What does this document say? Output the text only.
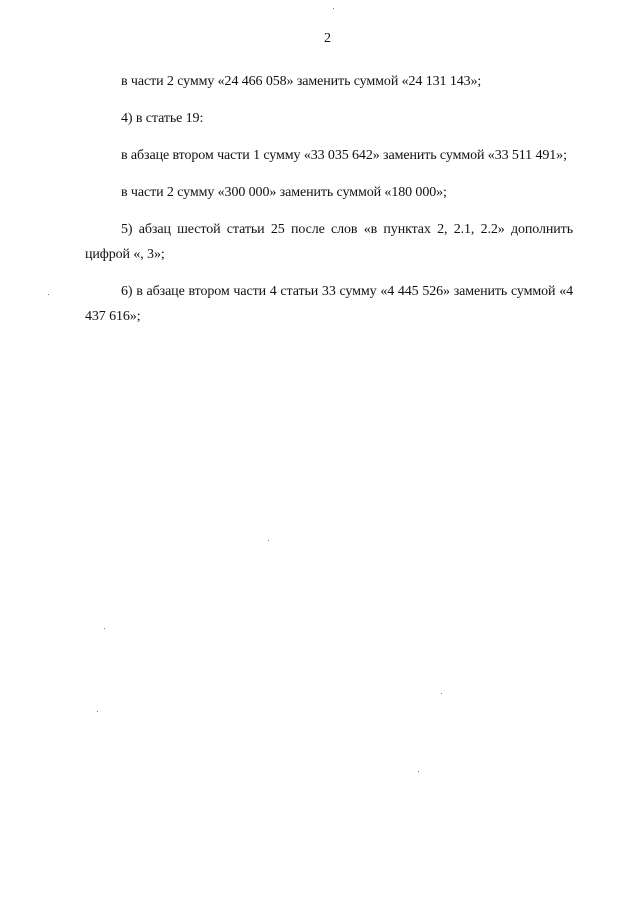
2

в части 2 сумму «24 466 058» заменить суммой «24 131 143»;

4) в статье 19:

в абзаце втором части 1 сумму «33 035 642» заменить суммой «33 511 491»;

в части 2 сумму «300 000» заменить суммой «180 000»;

5) абзац шестой статьи 25 после слов «в пунктах 2, 2.1, 2.2» дополнить цифрой «, 3»;

6) в абзаце втором части 4 статьи 33 сумму «4 445 526» заменить суммой «4 437 616»;
